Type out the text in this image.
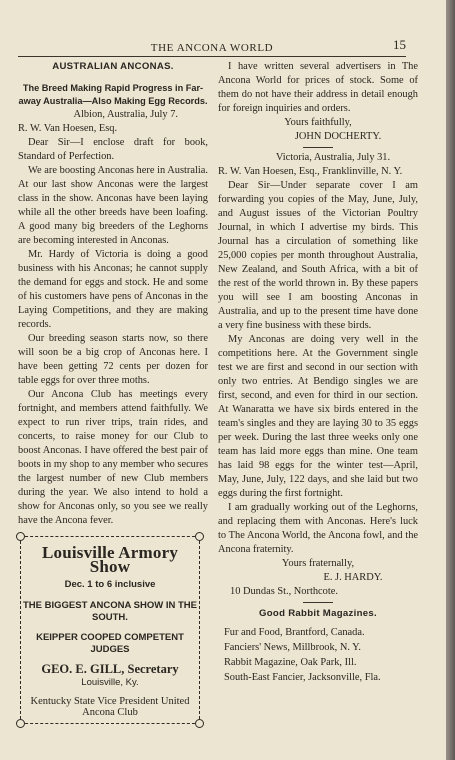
THE ANCONA WORLD	15
AUSTRALIAN ANCONAS.
The Breed Making Rapid Progress in Far-away Australia—Also Making Egg Records.
Albion, Australia, July 7.
R. W. Van Hoesen, Esq.

Dear Sir—I enclose draft for book, Standard of Perfection.

We are boosting Anconas here in Australia. At our last show Anconas were the largest class in the show. Anconas have been laying while all the other breeds have been loafing. A good many big breeders of the Leghorns are becoming interested in Anconas.

Mr. Hardy of Victoria is doing a good business with his Anconas; he cannot supply the demand for eggs and stock. He and some of his customers have pens of Anconas in the Laying Competitions, and they are making records.

Our breeding season starts now, so there will soon be a big crop of Anconas here. I have been getting 72 cents per dozen for table eggs for over three moths.

Our Ancona Club has meetings every fortnight, and members attend faithfully. We expect to run river trips, train rides, and concerts, to raise money for our Club to boost Anconas. I have offered the best pair of boots in my shop to any member who secures the largest number of new Club members during the year. We also intend to hold a show for Anconas only, so you see we really have the Ancona fever.

Louisville Armory Show
Dec. 1 to 6 inclusive
THE BIGGEST ANCONA SHOW IN THE SOUTH.
KEIPPER COOPED COMPETENT JUDGES
GEO. E. GILL, Secretary
Louisville, Ky.
Kentucky State Vice President United Ancona Club

I have written several advertisers in The Ancona World for prices of stock. Some of them do not have their address in detail enough for foreign inquiries and orders.

Yours faithfully,
JOHN DOCHERTY.
Victoria, Australia, July 31.
R. W. Van Hoesen, Esq., Franklinville, N. Y.

Dear Sir—Under separate cover I am forwarding you copies of the May, June, July, and August issues of the Victorian Poultry Journal, in which I advertise my birds. This Journal has a circulation of something like 25,000 copies per month throughout Australia, New Zealand, and South Africa, with a bit of the rest of the world thrown in. By these papers you will see I am boosting Anconas in Australia, and up to the present time have done a very fine business with these birds.

My Anconas are doing very well in the competitions here. At the Government single test we are first and second in our section with only two entries. At Bendigo singles we are first, second, and even for third in our section. At Wanaratta we have six birds entered in the team's singles and they are laying 30 to 35 eggs per week. During the last three weeks only one team has laid more eggs than mine. One team has laid 98 eggs for the winter test—April, May, June, July, 122 days, and she laid but two eggs during the first fortnight.

I am gradually working out of the Leghorns, and replacing them with Anconas. Here's luck to The Ancona World, the Ancona fowl, and the Ancona fraternity.

Yours fraternally,
E. J. HARDY.
10 Dundas St., Northcote.
Good Rabbit Magazines.
Fur and Food, Brantford, Canada.
Fanciers' News, Millbrook, N. Y.
Rabbit Magazine, Oak Park, Ill.
South-East Fancier, Jacksonville, Fla.
